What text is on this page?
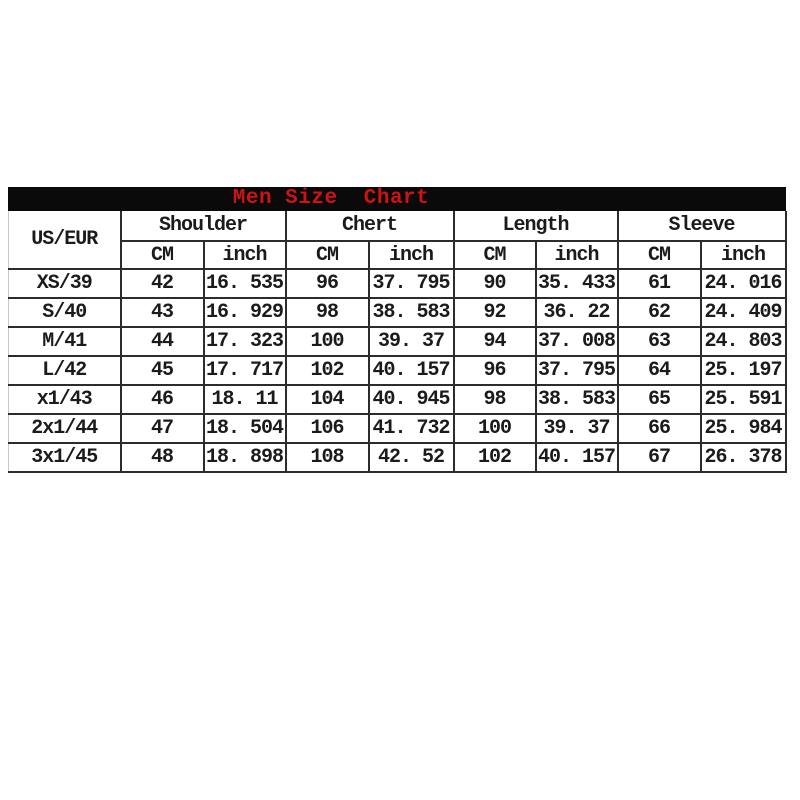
Men Size  Chart
US/EUR	Shoulder		Chert		Length		Sleeve	
	CM	inch	CM	inch	CM	inch	CM	inch
XS/39	42	16. 535	96	37. 795	90	35. 433	61	24. 016
S/40	43	16. 929	98	38. 583	92	36. 22	62	24. 409
M/41	44	17. 323	100	39. 37	94	37. 008	63	24. 803
L/42	45	17. 717	102	40. 157	96	37. 795	64	25. 197
x1/43	46	18. 11	104	40. 945	98	38. 583	65	25. 591
2x1/44	47	18. 504	106	41. 732	100	39. 37	66	25. 984
3x1/45	48	18. 898	108	42. 52	102	40. 157	67	26. 378
